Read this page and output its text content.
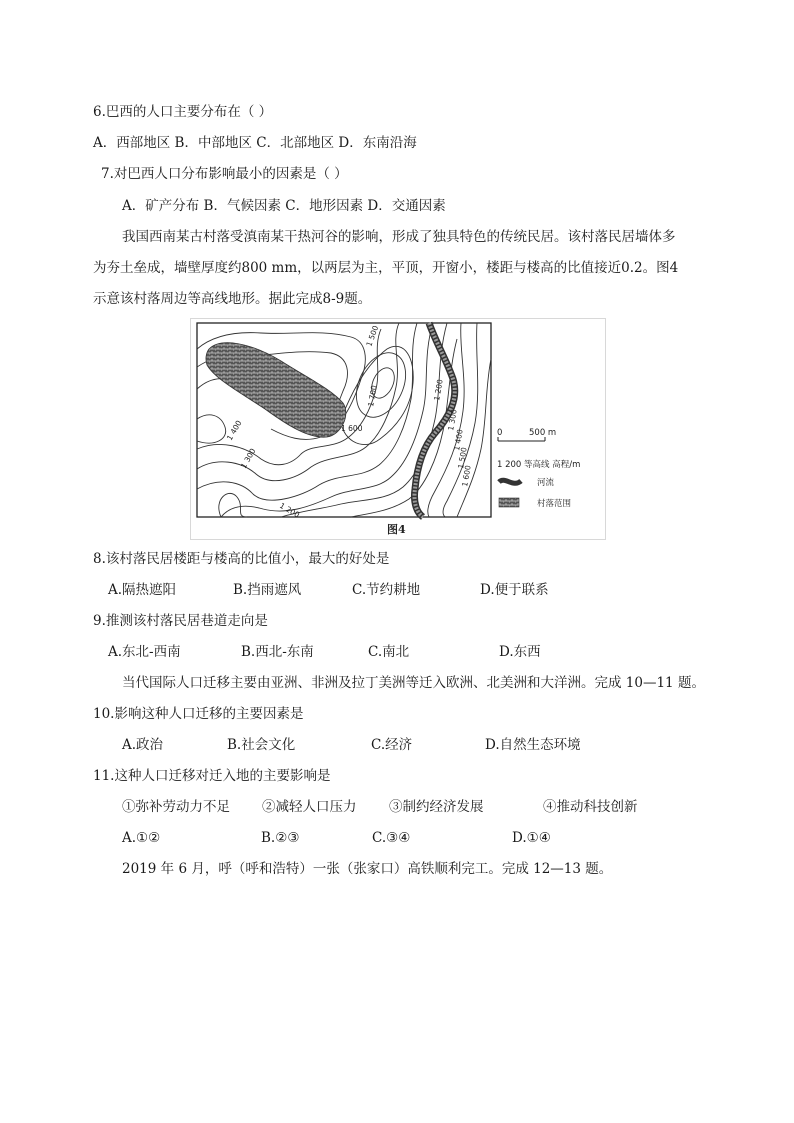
6.巴西的人口主要分布在（ ）
A．西部地区 B．中部地区 C．北部地区 D．东南沿海
7.对巴西人口分布影响最小的因素是（ ）
A．矿产分布 B．气候因素 C．地形因素 D．交通因素
我国西南某古村落受滇南某干热河谷的影响，形成了独具特色的传统民居。该村落民居墙体多
为夯土垒成，墙壁厚度约800 mm，以两层为主，平顶，开窗小，楼距与楼高的比值接近0.2。图4
示意该村落周边等高线地形。据此完成8-9题。
1 500
1 700
1 600
1 400
1 300
1 200
1 200
1 300
1 400
1 500
1 600
0	500 m
1 200 等高线 高程/m
河流
村落范围
图4
8.该村落民居楼距与楼高的比值小，最大的好处是
A.隔热遮阳	B.挡雨遮风	C.节约耕地	D.便于联系
9.推测该村落民居巷道走向是
A.东北-西南	B.西北-东南	C.南北	D.东西
当代国际人口迁移主要由亚洲、非洲及拉丁美洲等迁入欧洲、北美洲和大洋洲。完成 10—11 题。
10.影响这种人口迁移的主要因素是
A.政治	B.社会文化	C.经济	D.自然生态环境
11.这种人口迁移对迁入地的主要影响是
①弥补劳动力不足 ②减轻人口压力 ③制约经济发展	④推动科技创新
A.①②	B.②③	C.③④	D.①④
2019 年 6 月，呼（呼和浩特）一张（张家口）高铁顺利完工。完成 12—13 题。
